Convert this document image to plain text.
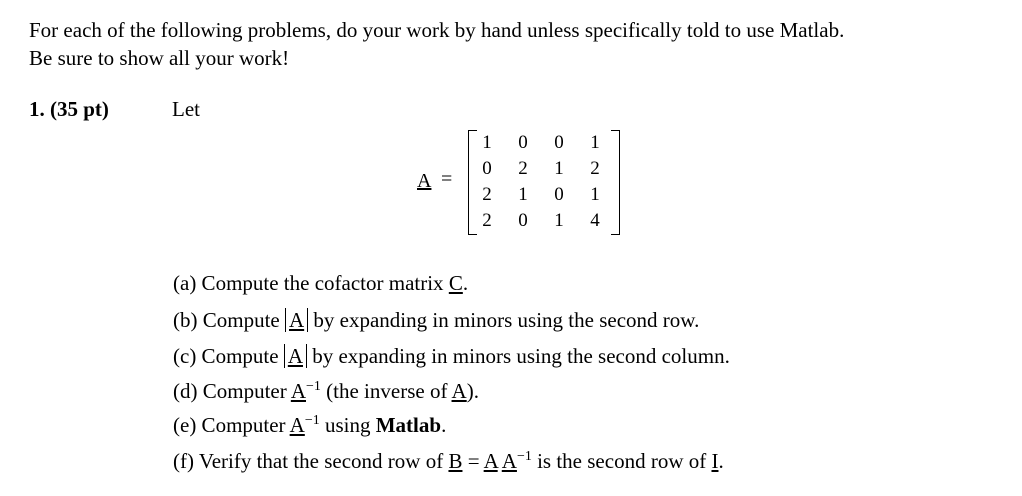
For each of the following problems, do your work by hand unless specifically told to use Matlab.
Be sure to show all your work!
1. (35 pt)	Let
A =
1 0 0 1
0 2 1 2
2 1 0 1
2 0 1 4
(a) Compute the cofactor matrix C.
(b) Compute A by expanding in minors using the second row.
(c) Compute A by expanding in minors using the second column.
(d) Computer $A^{-1}$ (the inverse of A).
(e) Computer $A^{-1}$ using Matlab.
(f) Verify that the second row of B = A $A^{-1}$ is the second row of I.
